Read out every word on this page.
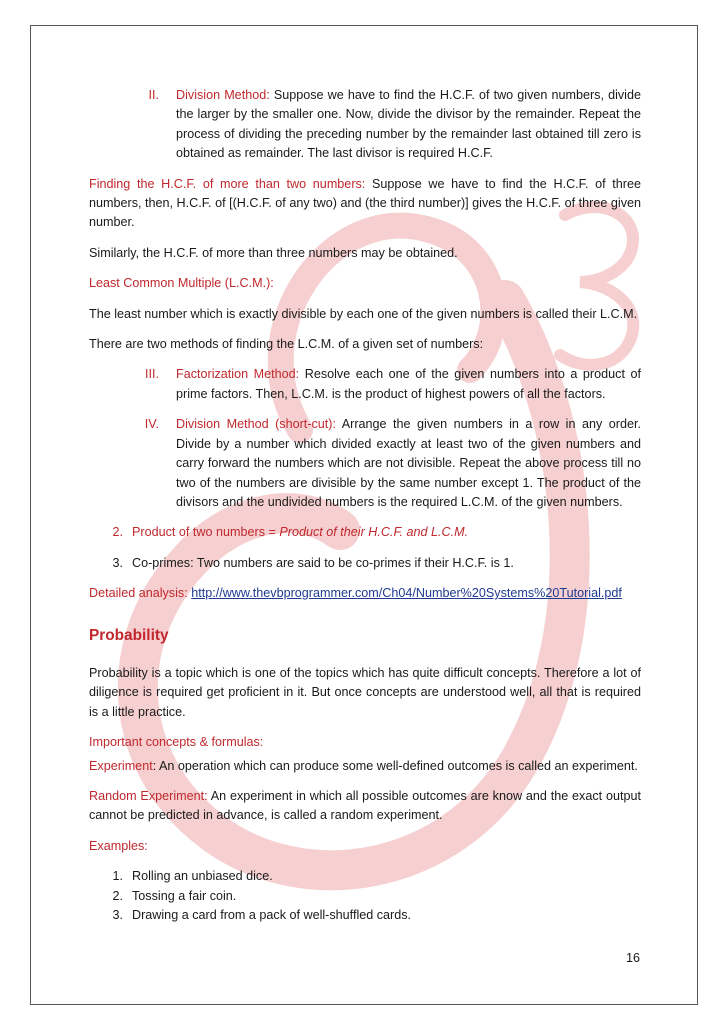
II. Division Method: Suppose we have to find the H.C.F. of two given numbers, divide the larger by the smaller one. Now, divide the divisor by the remainder. Repeat the process of dividing the preceding number by the remainder last obtained till zero is obtained as remainder. The last divisor is required H.C.F.

Finding the H.C.F. of more than two numbers: Suppose we have to find the H.C.F. of three numbers, then, H.C.F. of [(H.C.F. of any two) and (the third number)] gives the H.C.F. of three given number.

Similarly, the H.C.F. of more than three numbers may be obtained.

Least Common Multiple (L.C.M.):

The least number which is exactly divisible by each one of the given numbers is called their L.C.M.

There are two methods of finding the L.C.M. of a given set of numbers:

III. Factorization Method: Resolve each one of the given numbers into a product of prime factors. Then, L.C.M. is the product of highest powers of all the factors.
IV. Division Method (short-cut): Arrange the given numbers in a row in any order. Divide by a number which divided exactly at least two of the given numbers and carry forward the numbers which are not divisible. Repeat the above process till no two of the numbers are divisible by the same number except 1. The product of the divisors and the undivided numbers is the required L.C.M. of the given numbers.
2. Product of two numbers = Product of their H.C.F. and L.C.M.
3. Co-primes: Two numbers are said to be co-primes if their H.C.F. is 1.

Detailed analysis: http://www.thevbprogrammer.com/Ch04/Number%20Systems%20Tutorial.pdf

Probability

Probability is a topic which is one of the topics which has quite difficult concepts. Therefore a lot of diligence is required get proficient in it. But once concepts are understood well, all that is required is a little practice.

Important concepts & formulas:

Experiment: An operation which can produce some well-defined outcomes is called an experiment.

Random Experiment: An experiment in which all possible outcomes are know and the exact output cannot be predicted in advance, is called a random experiment.

Examples:

1. Rolling an unbiased dice.
2. Tossing a fair coin.
3. Drawing a card from a pack of well-shuffled cards.
16
